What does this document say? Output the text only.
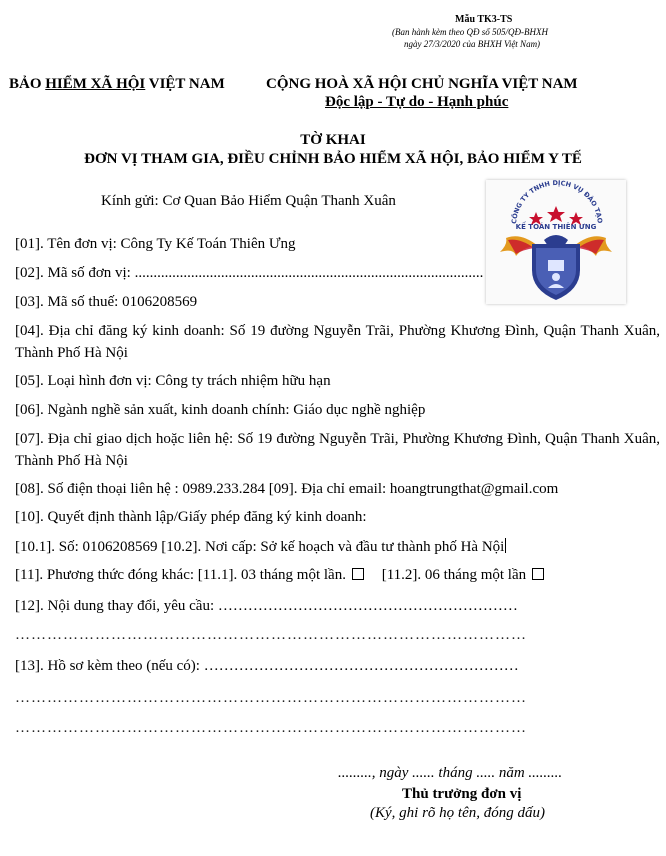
Mẫu TK3-TS
(Ban hành kèm theo QĐ số 505/QĐ-BHXH
ngày 27/3/2020 của BHXH Việt Nam)
BẢO HIỂM XÃ HỘI VIỆT NAM	CỘNG HOÀ XÃ HỘI CHỦ NGHĨA VIỆT NAM
Độc lập - Tự do - Hạnh phúc
TỜ KHAI
ĐƠN VỊ THAM GIA, ĐIỀU CHỈNH BẢO HIỂM XÃ HỘI, BẢO HIỂM Y TẾ
Kính gửi: Cơ Quan Bảo Hiểm Quận Thanh Xuân
CÔNG TY TNHH DỊCH VỤ ĐÀO TẠO
KẾ TOÁN THIÊN ƯNG
[01]. Tên đơn vị: Công Ty Kế Toán Thiên Ưng
[02]. Mã số đơn vị: .............................................................................................
[03]. Mã số thuế: 0106208569
[04]. Địa chỉ đăng ký kinh doanh: Số 19 đường Nguyễn Trãi, Phường Khương Đình, Quận Thanh Xuân, Thành Phố Hà Nội
[05]. Loại hình đơn vị: Công ty trách nhiệm hữu hạn
[06]. Ngành nghề sản xuất, kinh doanh chính: Giáo dục nghề nghiệp
[07]. Địa chỉ giao dịch hoặc liên hệ: Số 19 đường Nguyễn Trãi, Phường Khương Đình, Quận Thanh Xuân, Thành Phố Hà Nội
[08]. Số điện thoại liên hệ : 0989.233.284 [09]. Địa chỉ email: hoangtrungthat@gmail.com
[10]. Quyết định thành lập/Giấy phép đăng ký kinh doanh:
[10.1]. Số: 0106208569 [10.2]. Nơi cấp: Sở kế hoạch và đầu tư thành phố Hà Nội
[11]. Phương thức đóng khác: [11.1]. 03 tháng một lần. [11.2]. 06 tháng một lần
[12]. Nội dung thay đổi, yêu cầu: ……………………………………………………
……………………………………………………………………………………
[13]. Hồ sơ kèm theo (nếu có): ………………………………………………………
……………………………………………………………………………………
……………………………………………………………………………………
........., ngày ...... tháng ..... năm .........
Thủ trưởng đơn vị
(Ký, ghi rõ họ tên, đóng dấu)
